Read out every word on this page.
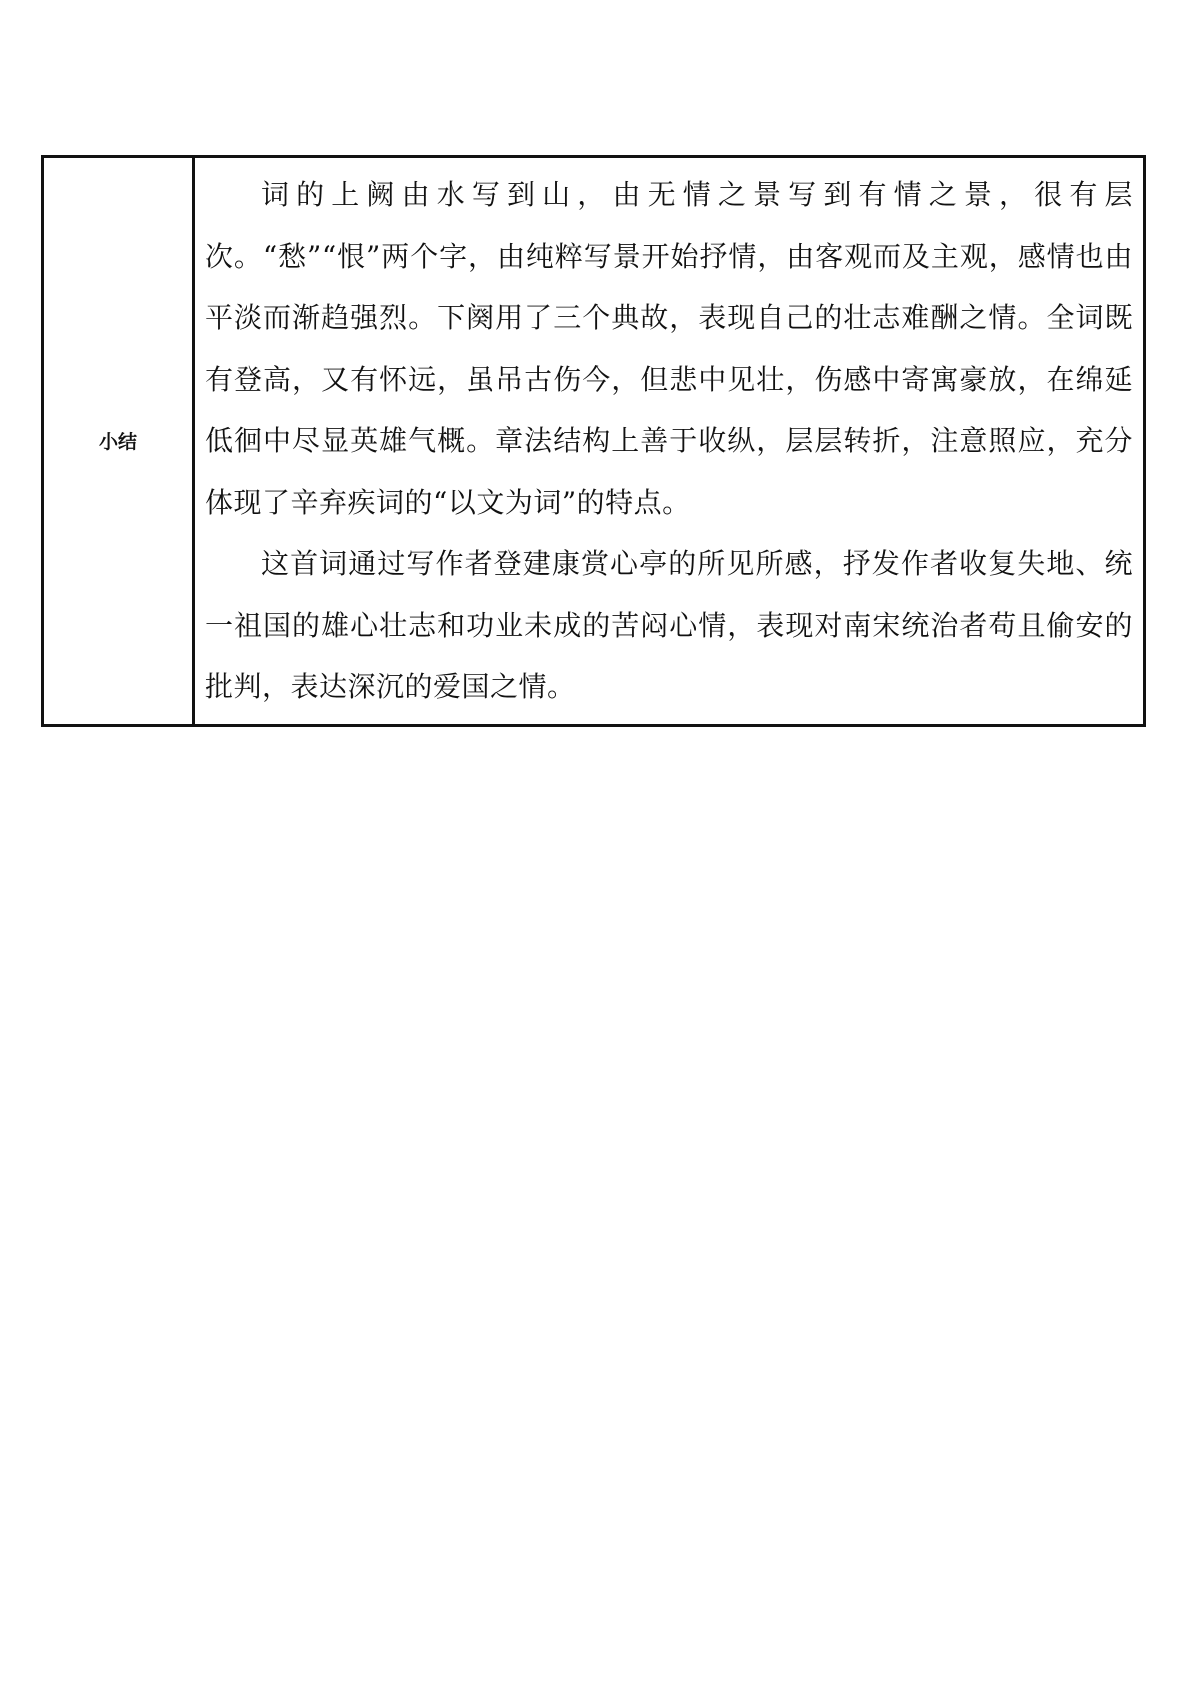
小结	

词的上阙由水写到山，由无情之景写到有情之景，很有层次。“愁”“恨”两个字，由纯粹写景开始抒情，由客观而及主观，感情也由平淡而渐趋强烈。下阕用了三个典故，表现自己的壮志难酬之情。全词既有登高，又有怀远，虽吊古伤今，但悲中见壮，伤感中寄寓豪放，在绵延低徊中尽显英雄气概。章法结构上善于收纵，层层转折，注意照应，充分体现了辛弃疾词的“以文为词”的特点。

这首词通过写作者登建康赏心亭的所见所感，抒发作者收复失地、统一祖国的雄心壮志和功业未成的苦闷心情，表现对南宋统治者苟且偷安的批判，表达深沉的爱国之情。
